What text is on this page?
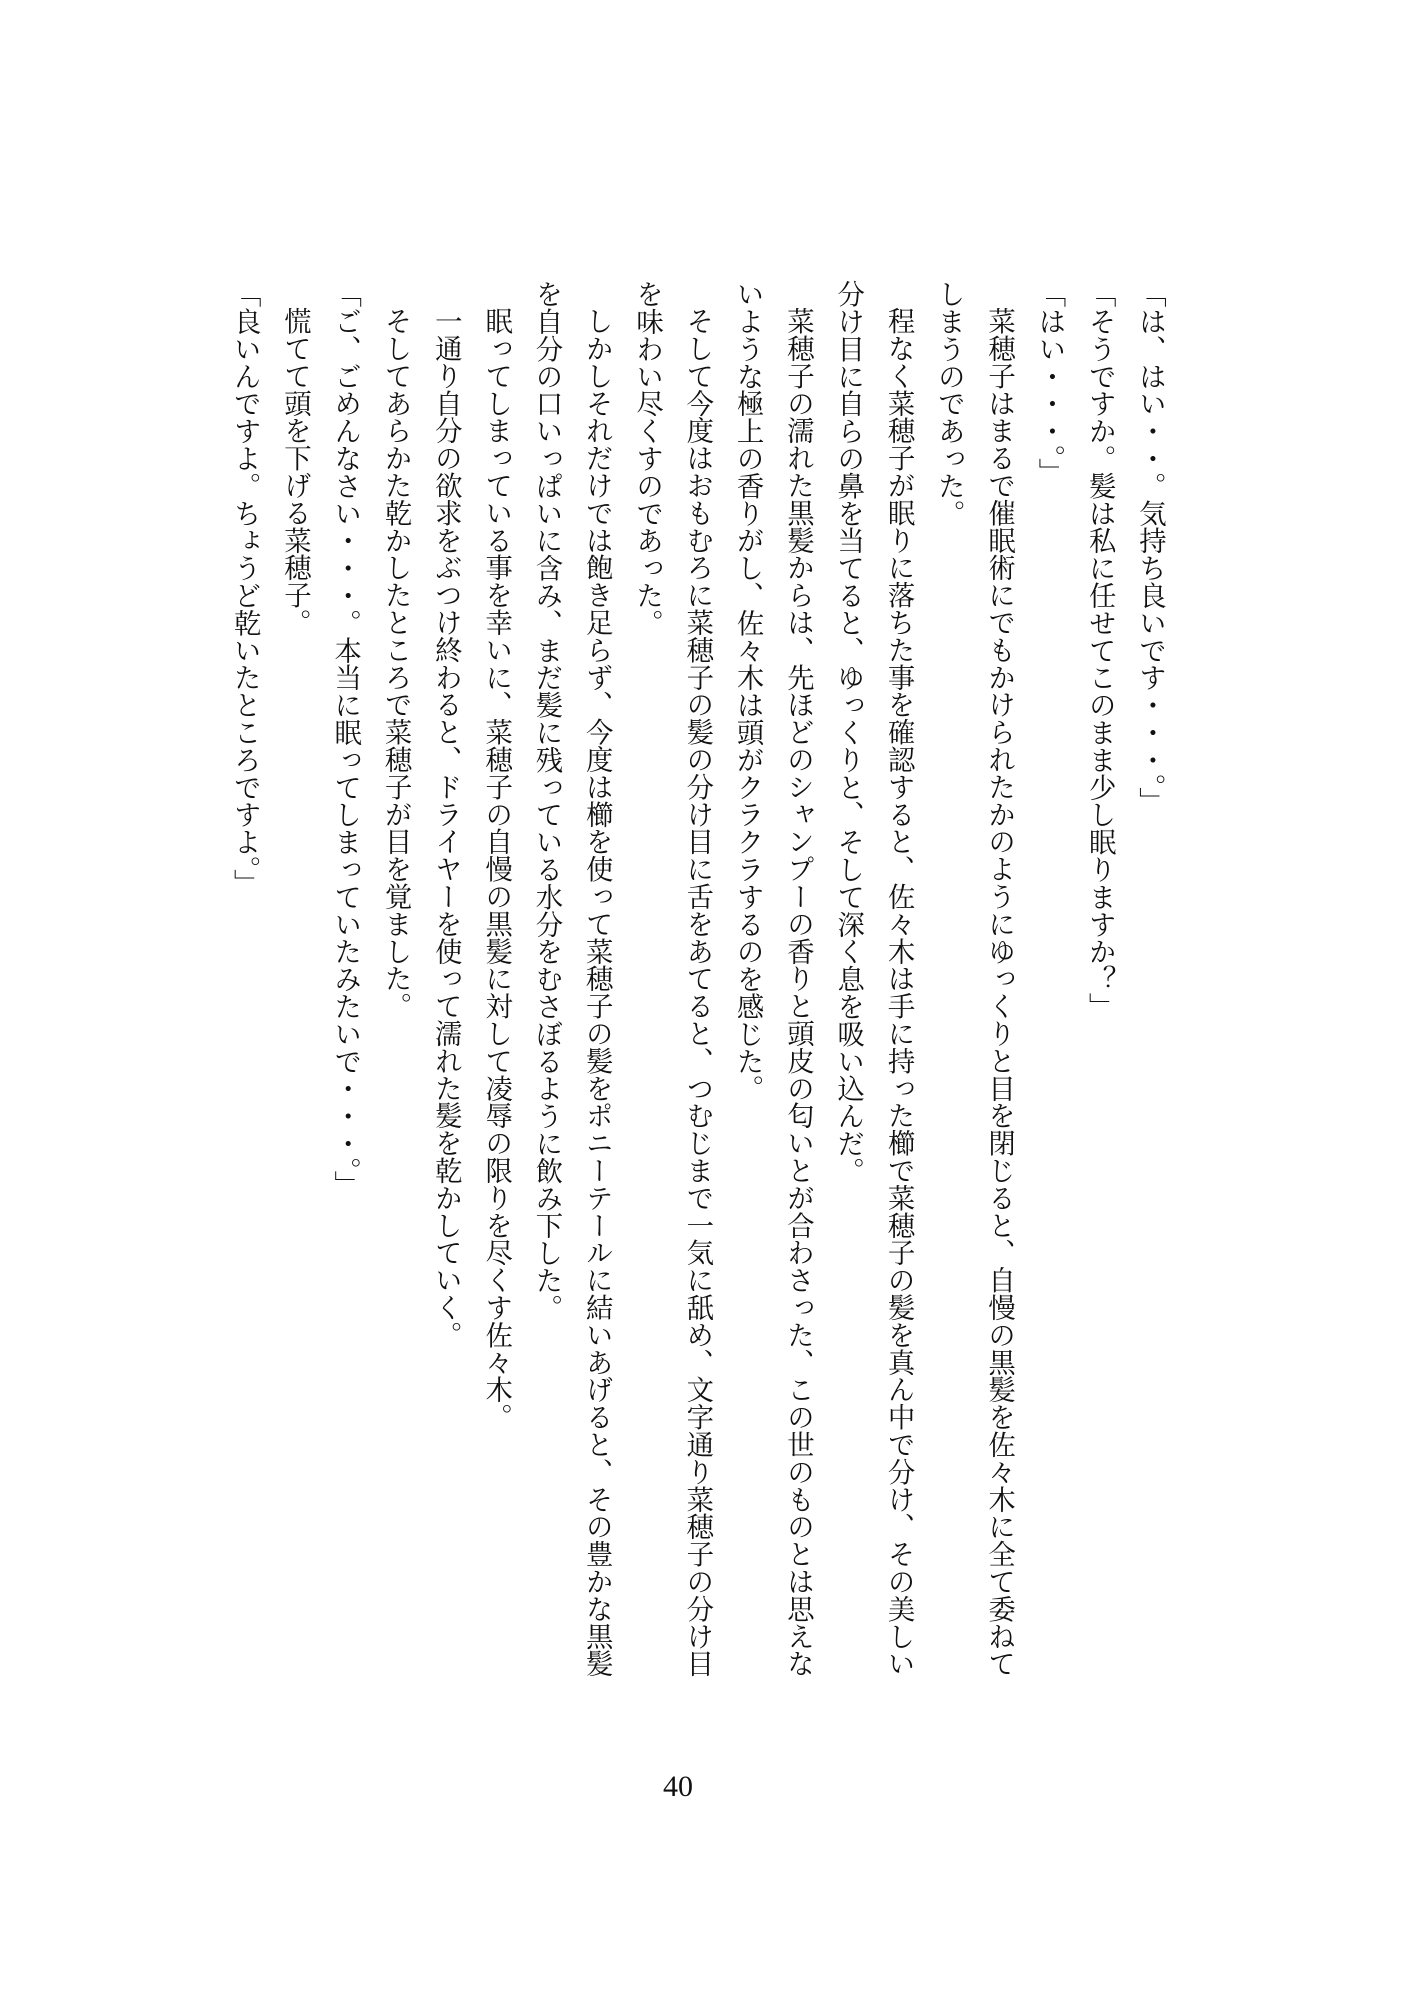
「は、はい・・。気持ち良いです・・・。」
「そうですか。髪は私に任せてこのまま少し眠りますか？」
「はい・・・。」
菜穂子はまるで催眠術にでもかけられたかのようにゆっくりと目を閉じると、自慢の黒髪を佐々木に全て委ねて
しまうのであった。
程なく菜穂子が眠りに落ちた事を確認すると、佐々木は手に持った櫛で菜穂子の髪を真ん中で分け、その美しい
分け目に自らの鼻を当てると、ゆっくりと、そして深く息を吸い込んだ。
菜穂子の濡れた黒髪からは、先ほどのシャンプーの香りと頭皮の匂いとが合わさった、この世のものとは思えな
いような極上の香りがし、佐々木は頭がクラクラするのを感じた。
そして今度はおもむろに菜穂子の髪の分け目に舌をあてると、つむじまで一気に舐め、文字通り菜穂子の分け目
を味わい尽くすのであった。
しかしそれだけでは飽き足らず、今度は櫛を使って菜穂子の髪をポニーテールに結いあげると、その豊かな黒髪
を自分の口いっぱいに含み、まだ髪に残っている水分をむさぼるように飲み下した。
眠ってしまっている事を幸いに、菜穂子の自慢の黒髪に対して凌辱の限りを尽くす佐々木。
一通り自分の欲求をぶつけ終わると、ドライヤーを使って濡れた髪を乾かしていく。
そしてあらかた乾かしたところで菜穂子が目を覚ました。
「ご、ごめんなさい・・・。本当に眠ってしまっていたみたいで・・・。」
慌てて頭を下げる菜穂子。
「良いんですよ。ちょうど乾いたところですよ。」
40
